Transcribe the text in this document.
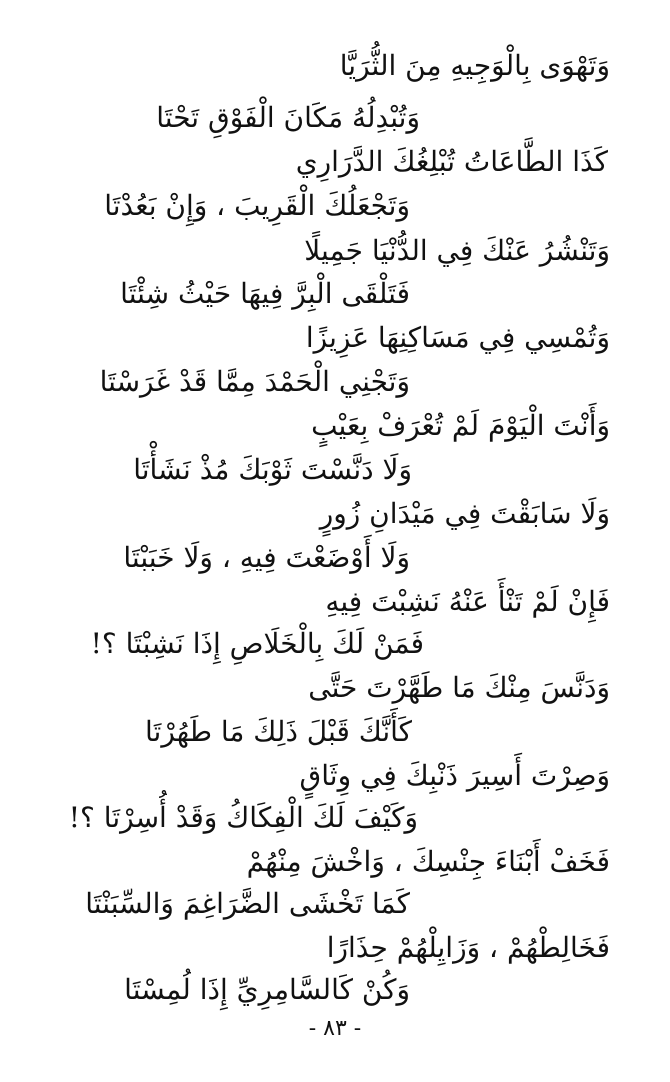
وَتَهْوَى بِالْوَجِيهِ مِنَ الثُّرَيَّا
وَتُبْدِلُهُ مَكَانَ الْفَوْقِ تَحْتَا
كَذَا الطَّاعَاتُ تُبْلِغُكَ الدَّرَارِي
وَتَجْعَلُكَ الْقَرِيبَ ، وَإِنْ بَعُدْتَا
وَتَنْشُرُ عَنْكَ فِي الدُّنْيَا جَمِيلًا
فَتَلْقَى الْبِرَّ فِيهَا حَيْثُ شِئْتَا
وَتُمْسِي فِي مَسَاكِنِهَا عَزِيزًا
وَتَجْنِي الْحَمْدَ مِمَّا قَدْ غَرَسْتَا
وَأَنْتَ الْيَوْمَ لَمْ تُعْرَفْ بِعَيْبٍ
وَلَا دَنَّسْتَ ثَوْبَكَ مُذْ نَشَأْتَا
وَلَا سَابَقْتَ فِي مَيْدَانِ زُورٍ
وَلَا أَوْضَعْتَ فِيهِ ، وَلَا خَبَبْتَا
فَإِنْ لَمْ تَنْأَ عَنْهُ نَشِبْتَ فِيهِ
فَمَنْ لَكَ بِالْخَلَاصِ إِذَا نَشِبْتَا ؟!
وَدَنَّسَ مِنْكَ مَا طَهَّرْتَ حَتَّى
كَأَنَّكَ قَبْلَ ذَلِكَ مَا طَهُرْتَا
وَصِرْتَ أَسِيرَ ذَنْبِكَ فِي وِثَاقٍ
وَكَيْفَ لَكَ الْفِكَاكُ وَقَدْ أُسِرْتَا ؟!
فَخَفْ أَبْنَاءَ جِنْسِكَ ، وَاخْشَ مِنْهُمْ
كَمَا تَخْشَى الضَّرَاغِمَ وَالسِّبَنْتَا
فَخَالِطْهُمْ ، وَزَايِلْهُمْ حِذَارًا
وَكُنْ كَالسَّامِرِيِّ إِذَا لُمِسْتَا
- ٨٣ -
